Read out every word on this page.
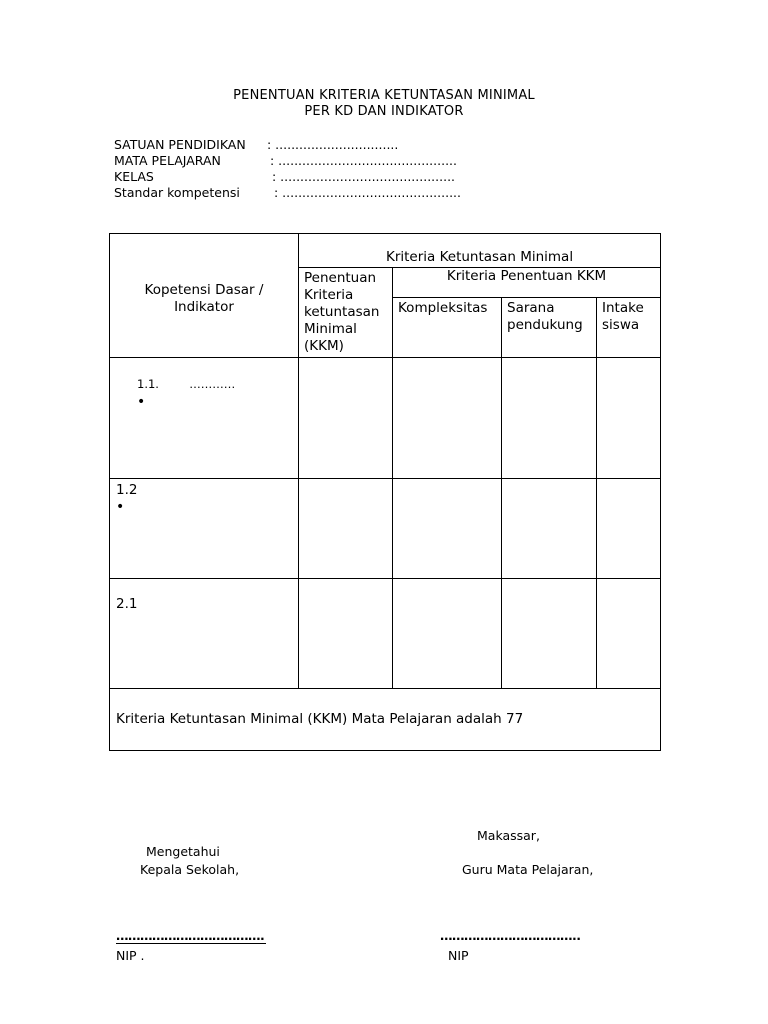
PENENTUAN KRITERIA KETUNTASAN MINIMAL
PER KD DAN INDIKATOR
SATUAN PENDIDIKAN : ...............................
MATA PELAJARAN	: .............................................
KELAS	: ............................................
Standar kompetensi	: .............................................
Kopetensi Dasar / Indikator	Kriteria Ketuntasan Minimal			

	Penentuan Kriteria ketuntasan Minimal (KKM)	Kriteria Penentuan KKM		
		Kompleksitas	Sarana pendukung	Intake siswa

1.1. …………
•				

1.2
•				

2.1				

Kriteria Ketuntasan Minimal (KKM) Mata Pelajaran adalah 77				
Makassar,
Mengetahui
Kepala Sekolah,	Guru Mata Pelajaran,
……………………………….	……………………………..
NIP .	NIP
